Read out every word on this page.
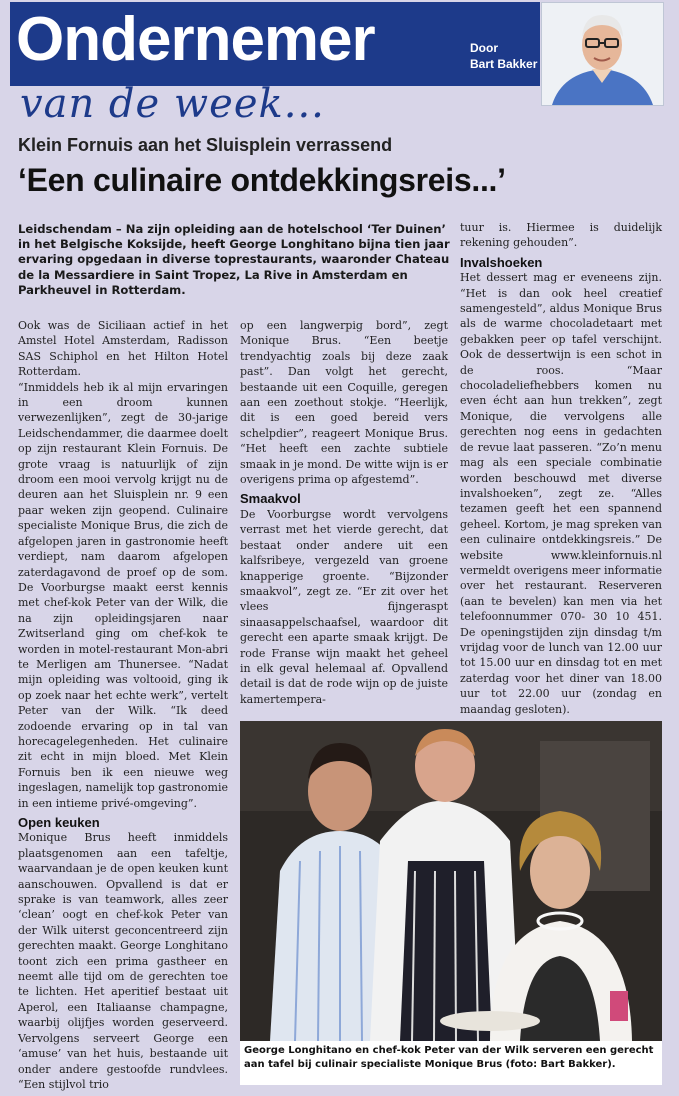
Ondernemer	Door
Bart Bakker
van de week...
Klein Fornuis aan het Sluisplein verrassend
‘Een culinaire ontdekkingsreis...’
Leidschendam – Na zijn opleiding aan de hotelschool ‘Ter Duinen’ in het Belgische Koksijde, heeft George Longhitano bijna tien jaar ervaring opgedaan in diverse toprestaurants, waaronder Chateau de la Messardiere in Saint Tropez, La Rive in Amsterdam en Parkheuvel in Rotterdam.

Ook was de Siciliaan actief in het Amstel Hotel Amsterdam, Radisson SAS Schiphol en het Hilton Hotel Rotterdam.

“Inmiddels heb ik al mijn ervaringen in een droom kunnen verwezenlijken”, zegt de 30-jarige Leidschendammer, die daarmee doelt op zijn restaurant Klein Fornuis. De grote vraag is natuurlijk of zijn droom een mooi vervolg krijgt nu de deuren aan het Sluisplein nr. 9 een paar weken zijn geopend. Culinaire specialiste Monique Brus, die zich de afgelopen jaren in gastronomie heeft verdiept, nam daarom afgelopen zaterdagavond de proef op de som. De Voorburgse maakt eerst kennis met chef-kok Peter van der Wilk, die na zijn opleidingsjaren naar Zwitserland ging om chef-kok te worden in motel-restaurant Mon-abri te Merligen am Thunersee. “Nadat mijn opleiding was voltooid, ging ik op zoek naar het echte werk”, vertelt Peter van der Wilk. “Ik deed zodoende ervaring op in tal van horecagelegenheden. Het culinaire zit echt in mijn bloed. Met Klein Fornuis ben ik een nieuwe weg ingeslagen, namelijk top gastronomie in een intieme privé-omgeving”.

Open keuken

Monique Brus heeft inmiddels plaatsgenomen aan een tafeltje, waarvandaan je de open keuken kunt aanschouwen. Opvallend is dat er sprake is van teamwork, alles zeer ‘clean’ oogt en chef-kok Peter van der Wilk uiterst geconcentreerd zijn gerechten maakt. George Longhitano toont zich een prima gastheer en neemt alle tijd om de gerechten toe te lichten. Het aperitief bestaat uit Aperol, een Italiaanse champagne, waarbij olijfjes worden geserveerd. Vervolgens serveert George een ‘amuse’ van het huis, bestaande uit onder andere gestoofde rundvlees. “Een stijlvol trio

op een langwerpig bord”, zegt Monique Brus. “Een beetje trendyachtig zoals bij deze zaak past”. Dan volgt het gerecht, bestaande uit een Coquille, geregen aan een zoethout stokje. “Heerlijk, dit is een goed bereid vers schelpdier”, reageert Monique Brus. “Het heeft een zachte subtiele smaak in je mond. De witte wijn is er overigens prima op afgestemd”.

Smaakvol

De Voorburgse wordt vervolgens verrast met het vierde gerecht, dat bestaat onder andere uit een kalfsribeye, vergezeld van groene knapperige groente. “Bijzonder smaakvol”, zegt ze. “Er zit over het vlees fijngeraspt sinaasappelschaafsel, waardoor dit gerecht een aparte smaak krijgt. De rode Franse wijn maakt het geheel in elk geval helemaal af. Opvallend detail is dat de rode wijn op de juiste kamertempera-

tuur is. Hiermee is duidelijk rekening gehouden”.

Invalshoeken

Het dessert mag er eveneens zijn. “Het is dan ook heel creatief samengesteld”, aldus Monique Brus als de warme chocoladetaart met gebakken peer op tafel verschijnt. Ook de dessertwijn is een schot in de roos. “Maar chocoladeliefhebbers komen nu even écht aan hun trekken”, zegt Monique, die vervolgens alle gerechten nog eens in gedachten de revue laat passeren. “Zo’n menu mag als een speciale combinatie worden beschouwd met diverse invalshoeken”, zegt ze. “Alles tezamen geeft het een spannend geheel. Kortom, je mag spreken van een culinaire ontdekkingsreis.” De website www.kleinfornuis.nl vermeldt overigens meer informatie over het restaurant. Reserveren (aan te bevelen) kan men via het telefoonnummer 070- 30 10 451. De openingstijden zijn dinsdag t/m vrijdag voor de lunch van 12.00 uur tot 15.00 uur en dinsdag tot en met zaterdag voor het diner van 18.00 uur tot 22.00 uur (zondag en maandag gesloten).

George Longhitano en chef-kok Peter van der Wilk serveren een gerecht aan tafel bij culinair specialiste Monique Brus (foto: Bart Bakker).
